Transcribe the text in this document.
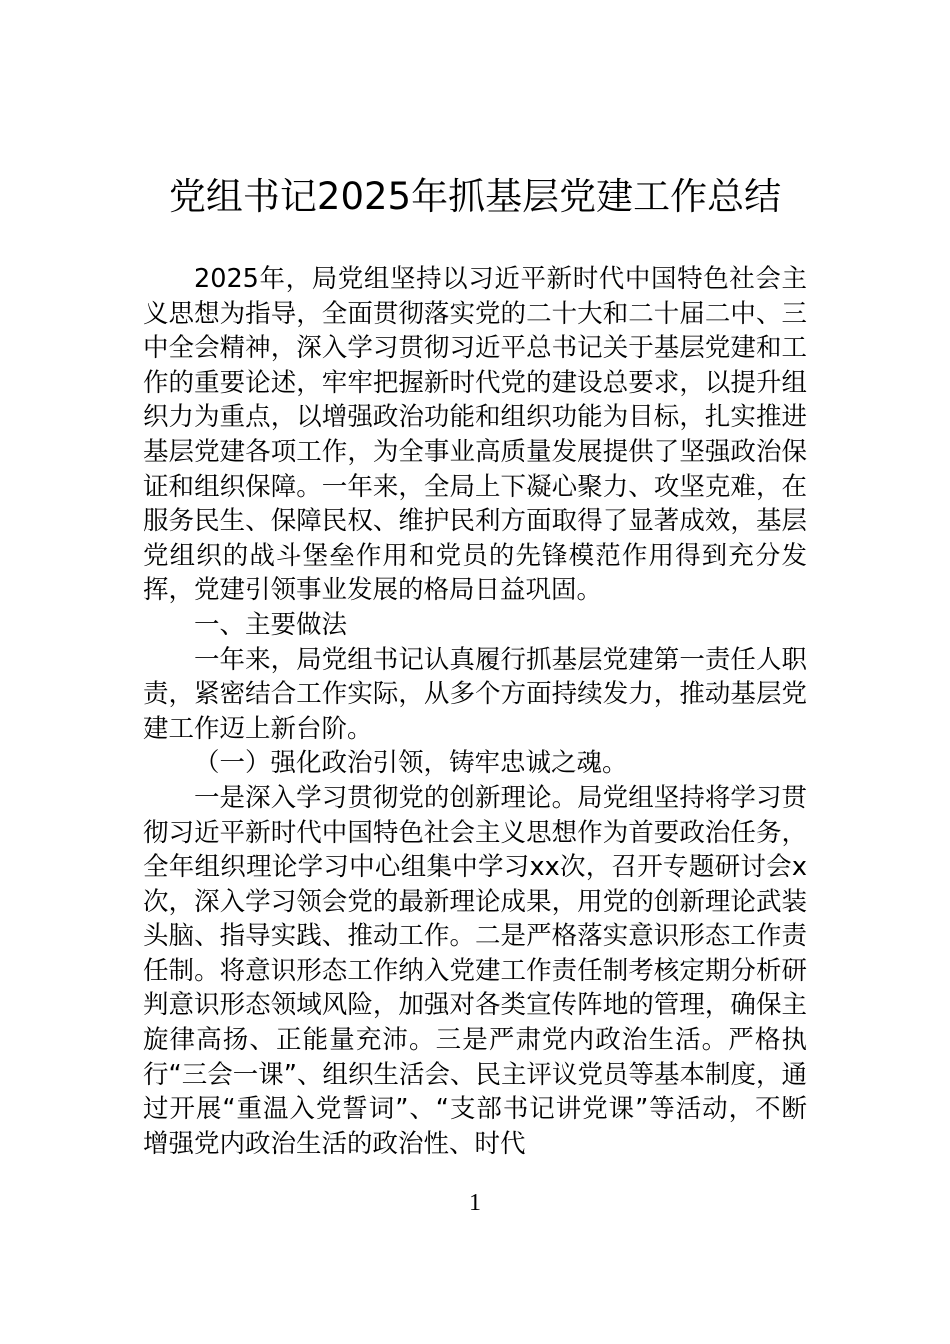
党组书记2025年抓基层党建工作总结

2025年，局党组坚持以习近平新时代中国特色社会主义思想为指导，全面贯彻落实党的二十大和二十届二中、三中全会精神，深入学习贯彻习近平总书记关于基层党建和工作的重要论述，牢牢把握新时代党的建设总要求，以提升组织力为重点，以增强政治功能和组织功能为目标，扎实推进基层党建各项工作，为全事业高质量发展提供了坚强政治保证和组织保障。一年来，全局上下凝心聚力、攻坚克难，在服务民生、保障民权、维护民利方面取得了显著成效，基层党组织的战斗堡垒作用和党员的先锋模范作用得到充分发挥，党建引领事业发展的格局日益巩固。

一、主要做法

一年来，局党组书记认真履行抓基层党建第一责任人职责，紧密结合工作实际，从多个方面持续发力，推动基层党建工作迈上新台阶。

（一）强化政治引领，铸牢忠诚之魂。

一是深入学习贯彻党的创新理论。局党组坚持将学习贯彻习近平新时代中国特色社会主义思想作为首要政治任务，全年组织理论学习中心组集中学习xx次，召开专题研讨会x次，深入学习领会党的最新理论成果，用党的创新理论武装头脑、指导实践、推动工作。二是严格落实意识形态工作责任制。将意识形态工作纳入党建工作责任制考核定期分析研判意识形态领域风险，加强对各类宣传阵地的管理，确保主旋律高扬、正能量充沛。三是严肃党内政治生活。严格执行“三会一课”、组织生活会、民主评议党员等基本制度，通过开展“重温入党誓词”、“支部书记讲党课”等活动，不断增强党内政治生活的政治性、时代

1
